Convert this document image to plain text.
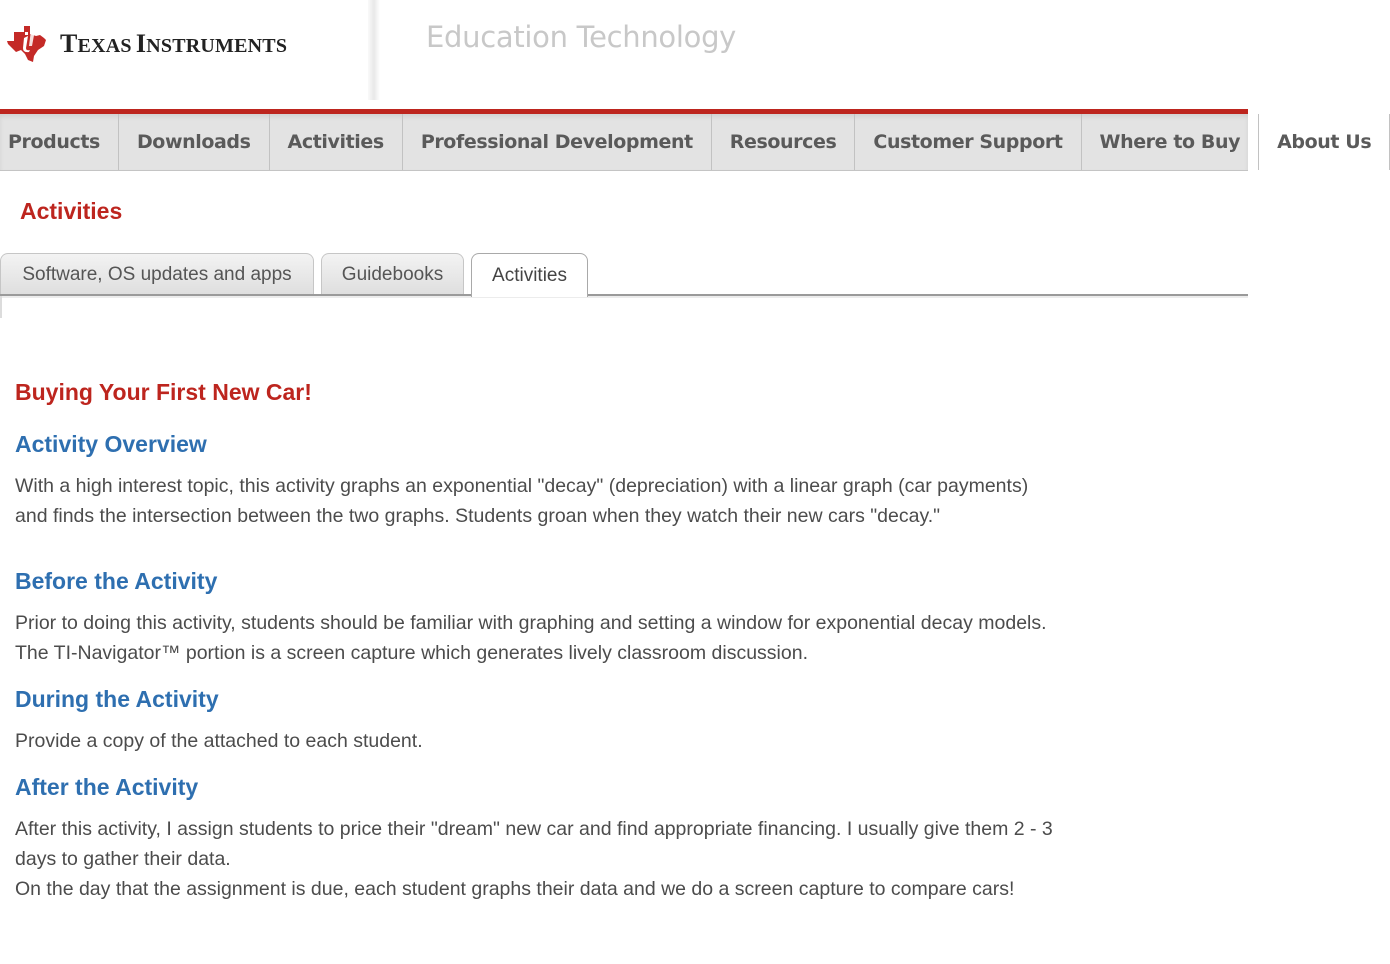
TEXAS INSTRUMENTS	Education Technology
Products	Downloads	Activities	Professional Development	Resources	Customer Support	Where to Buy	About Us
Activities
Software, OS updates and apps	Guidebooks	Activities
Buying Your First New Car!
Activity Overview

With a high interest topic, this activity graphs an exponential "decay" (depreciation) with a linear graph (car payments)
and finds the intersection between the two graphs. Students groan when they watch their new cars "decay."

Before the Activity

Prior to doing this activity, students should be familiar with graphing and setting a window for exponential decay models.
The TI-Navigator™ portion is a screen capture which generates lively classroom discussion.

During the Activity

Provide a copy of the attached to each student.

After the Activity

After this activity, I assign students to price their "dream" new car and find appropriate financing. I usually give them 2 - 3
days to gather their data.
On the day that the assignment is due, each student graphs their data and we do a screen capture to compare cars!
